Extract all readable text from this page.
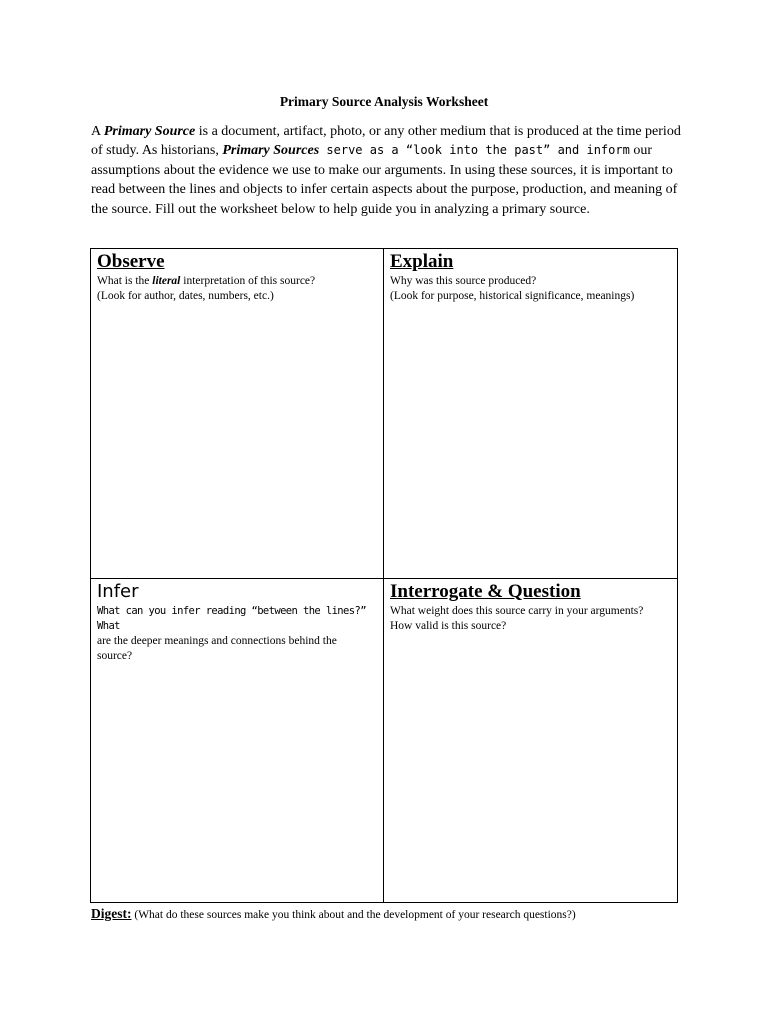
Primary Source Analysis Worksheet
A Primary Source is a document, artifact, photo, or any other medium that is produced at the time period of study. As historians, Primary Sources serve as a “look into the past” and inform our assumptions about the evidence we use to make our arguments. In using these sources, it is important to read between the lines and objects to infer certain aspects about the purpose, production, and meaning of the source. Fill out the worksheet below to help guide you in analyzing a primary source.
Observe
What is the literal interpretation of this source?
(Look for author, dates, numbers, etc.)
Explain
Why was this source produced?
(Look for purpose, historical significance, meanings)
Infer
What can you infer reading “between the lines?” What
are the deeper meanings and connections behind the
source?
Interrogate & Question
What weight does this source carry in your arguments?
How valid is this source?
Digest: (What do these sources make you think about and the development of your research questions?)
